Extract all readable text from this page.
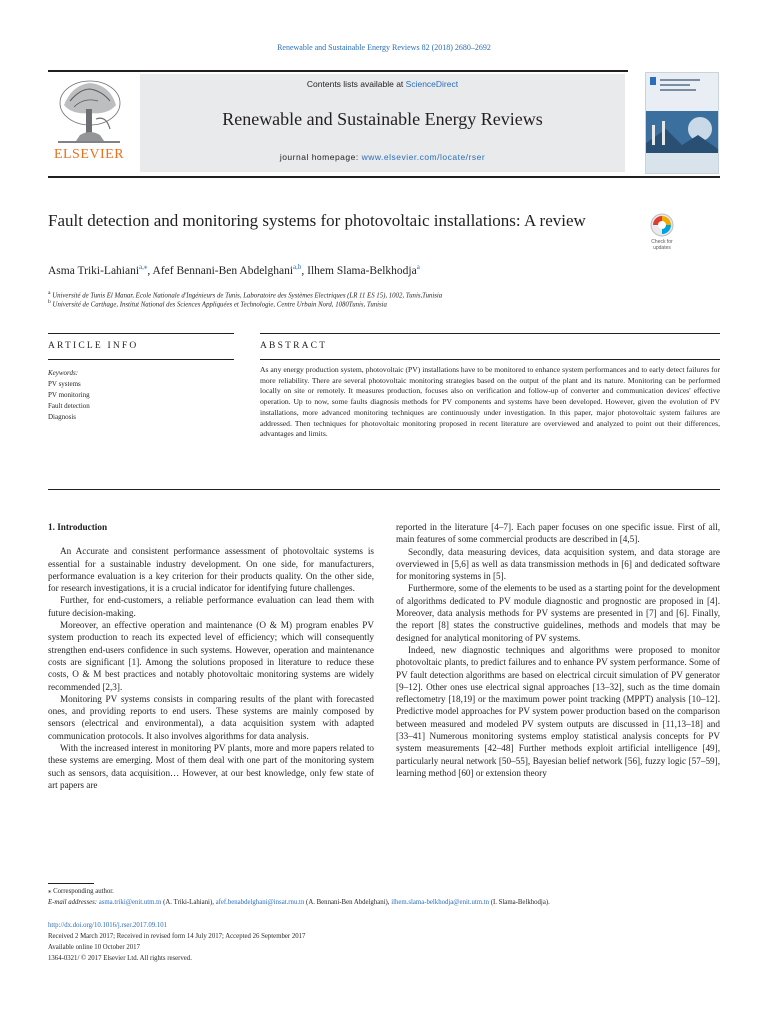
Renewable and Sustainable Energy Reviews 82 (2018) 2680–2692
Contents lists available at ScienceDirect
Renewable and Sustainable Energy Reviews
journal homepage: www.elsevier.com/locate/rser
ELSEVIER
Fault detection and monitoring systems for photovoltaic installations: A review
Check for
updates
Asma Triki-Lahiani$^{a,⁎}$, Afef Bennani-Ben Abdelghani$^{a,b}$, Ilhem Slama-Belkhodja$^a$
$^a$ Université de Tunis El Manar, Ecole Nationale d'Ingénieurs de Tunis, Laboratoire des Systèmes Electriques (LR 11 ES 15), 1002, Tunis,Tunisia
$^b$ Université de Carthage, Institut National des Sciences Appliquées et Technologie, Centre Urbain Nord, 1080Tunis, Tunisia
ARTICLE INFO	ABSTRACT
Keywords:
PV systems
PV monitoring
Fault detection
Diagnosis
As any energy production system, photovoltaic (PV) installations have to be monitored to enhance system performances and to early detect failures for more reliability. There are several photovoltaic monitoring strategies based on the output of the plant and its nature. Monitoring can be performed locally on site or remotely. It measures production, focuses also on verification and follow-up of converter and communication devices' effective operation. Up to now, some faults diagnosis methods for PV components and systems have been developed. However, given the evolution of PV installations, more advanced monitoring techniques are continuously under investigation. In this paper, major photovoltaic system failures are addressed. Then techniques for photovoltaic monitoring proposed in recent literature are overviewed and analyzed to point out their differences, advantages and limits.
1. Introduction

An Accurate and consistent performance assessment of photovoltaic systems is essential for a sustainable industry development. On one side, for manufacturers, performance evaluation is a key criterion for their products quality. On the other side, for research investigations, it is a crucial indicator for identifying future challenges.

Further, for end-customers, a reliable performance evaluation can lead them with future decision-making.

Moreover, an effective operation and maintenance (O & M) program enables PV system production to reach its expected level of efficiency; which will consequently strengthen end-users confidence in such systems. However, operation and maintenance costs are significant [1]. Among the solutions proposed in literature to reduce these costs, O & M best practices and notably photovoltaic monitoring systems are widely recommended [2,3].

Monitoring PV systems consists in comparing results of the plant with forecasted ones, and providing reports to end users. These systems are mainly composed by sensors (electrical and environmental), a data acquisition system with adapted communication protocols. It also involves algorithms for data analysis.

With the increased interest in monitoring PV plants, more and more papers related to these systems are emerging. Most of them deal with one part of the monitoring system such as sensors, data acquisition… However, at our best knowledge, only few state of art papers are

reported in the literature [4–7]. Each paper focuses on one specific issue. First of all, main features of some commercial products are described in [4,5].

Secondly, data measuring devices, data acquisition system, and data storage are overviewed in [5,6] as well as data transmission methods in [6] and dedicated software for monitoring systems in [5].

Furthermore, some of the elements to be used as a starting point for the development of algorithms dedicated to PV module diagnostic and prognostic are proposed in [4]. Moreover, data analysis methods for PV systems are presented in [7] and [6]. Finally, the report [8] states the constructive guidelines, methods and models that may be designed for analytical monitoring of PV systems.

Indeed, new diagnostic techniques and algorithms were proposed to monitor photovoltaic plants, to predict failures and to enhance PV system performance. Some of PV fault detection algorithms are based on electrical circuit simulation of PV generator [9–12]. Other ones use electrical signal approaches [13–32], such as the time domain reflectometry [18,19] or the maximum power point tracking (MPPT) analysis [10–12]. Predictive model approaches for PV system power production based on the comparison between measured and modeled PV system outputs are discussed in [11,13–18] and [33–41] Numerous monitoring systems employ statistical analysis concepts for PV system measurements [42–48] Further methods exploit artificial intelligence [49], particularly neural network [50–55], Bayesian belief network [56], fuzzy logic [57–59], learning method [60] or extension theory

⁎ Corresponding author.
E-mail addresses: asma.triki@enit.utm.tn (A. Triki-Lahiani), afef.benabdelghani@insat.rnu.tn (A. Bennani-Ben Abdelghani), ilhem.slama-belkhodja@enit.utm.tn (I. Slama-Belkhodja).
http://dx.doi.org/10.1016/j.rser.2017.09.101
Received 2 March 2017; Received in revised form 14 July 2017; Accepted 26 September 2017
Available online 10 October 2017
1364-0321/ © 2017 Elsevier Ltd. All rights reserved.
